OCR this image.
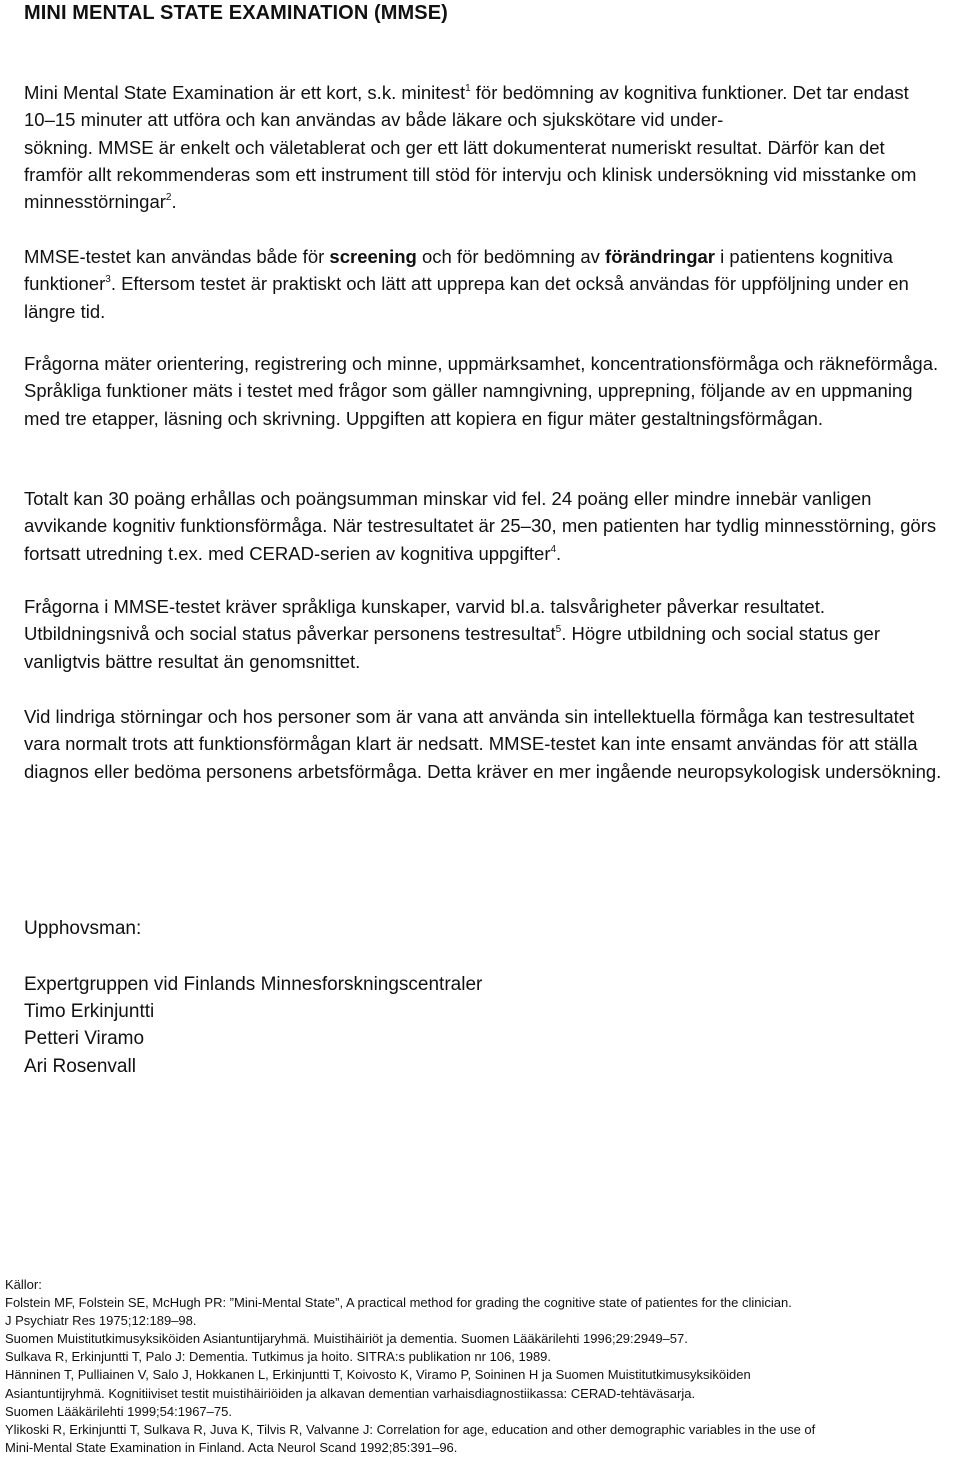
MINI MENTAL STATE EXAMINATION (MMSE)

Mini Mental State Examination är ett kort, s.k. minitest$^1$ för bedömning av kognitiva funktioner. Det tar endast 10–15 minuter att utföra och kan användas av både läkare och sjukskötare vid under-
sökning. MMSE är enkelt och väletablerat och ger ett lätt dokumenterat numeriskt resultat. Därför kan det framför allt rekommenderas som ett instrument till stöd för intervju och klinisk undersökning vid misstanke om minnesstörningar$^2$.

MMSE-testet kan användas både för screening och för bedömning av förändringar i patientens kognitiva funktioner$^3$. Eftersom testet är praktiskt och lätt att upprepa kan det också användas för uppföljning under en längre tid.

Frågorna mäter orientering, registrering och minne, uppmärksamhet, koncentrationsförmåga och räkneförmåga. Språkliga funktioner mäts i testet med frågor som gäller namngivning, upprepning, följande av en uppmaning med tre etapper, läsning och skrivning. Uppgiften att kopiera en figur mäter gestaltningsförmågan.

Totalt kan 30 poäng erhållas och poängsumman minskar vid fel. 24 poäng eller mindre innebär vanligen avvikande kognitiv funktionsförmåga. När testresultatet är 25–30, men patienten har tydlig minnesstörning, görs fortsatt utredning t.ex. med CERAD-serien av kognitiva uppgifter$^4$.

Frågorna i MMSE-testet kräver språkliga kunskaper, varvid bl.a. talsvårigheter påverkar resultatet. Utbildningsnivå och social status påverkar personens testresultat$^5$. Högre utbildning och social status ger vanligtvis bättre resultat än genomsnittet.

Vid lindriga störningar och hos personer som är vana att använda sin intellektuella förmåga kan testresultatet vara normalt trots att funktionsförmågan klart är nedsatt. MMSE-testet kan inte ensamt användas för att ställa diagnos eller bedöma personens arbetsförmåga. Detta kräver en mer ingående neuropsykologisk undersökning.

Upphovsman:

Expertgruppen vid Finlands Minnesforskningscentraler
Timo Erkinjuntti
Petteri Viramo
Ari Rosenvall
Källor:
Folstein MF, Folstein SE, McHugh PR: ”Mini-Mental State”, A practical method for grading the cognitive state of patientes for the clinician.
J Psychiatr Res 1975;12:189–98.
Suomen Muistitutkimusyksiköiden Asiantuntijaryhmä. Muistihäiriöt ja dementia. Suomen Lääkärilehti 1996;29:2949–57.
Sulkava R, Erkinjuntti T, Palo J: Dementia. Tutkimus ja hoito. SITRA:s publikation nr 106, 1989.
Hänninen T, Pulliainen V, Salo J, Hokkanen L, Erkinjuntti T, Koivosto K, Viramo P, Soininen H ja Suomen Muistitutkimusyksiköiden
Asiantuntijryhmä. Kognitiiviset testit muistihäiriöiden ja alkavan dementian varhaisdiagnostiikassa: CERAD-tehtäväsarja.
Suomen Lääkärilehti 1999;54:1967–75.
Ylikoski R, Erkinjuntti T, Sulkava R, Juva K, Tilvis R, Valvanne J: Correlation for age, education and other demographic variables in the use of
Mini-Mental State Examination in Finland. Acta Neurol Scand 1992;85:391–96.
